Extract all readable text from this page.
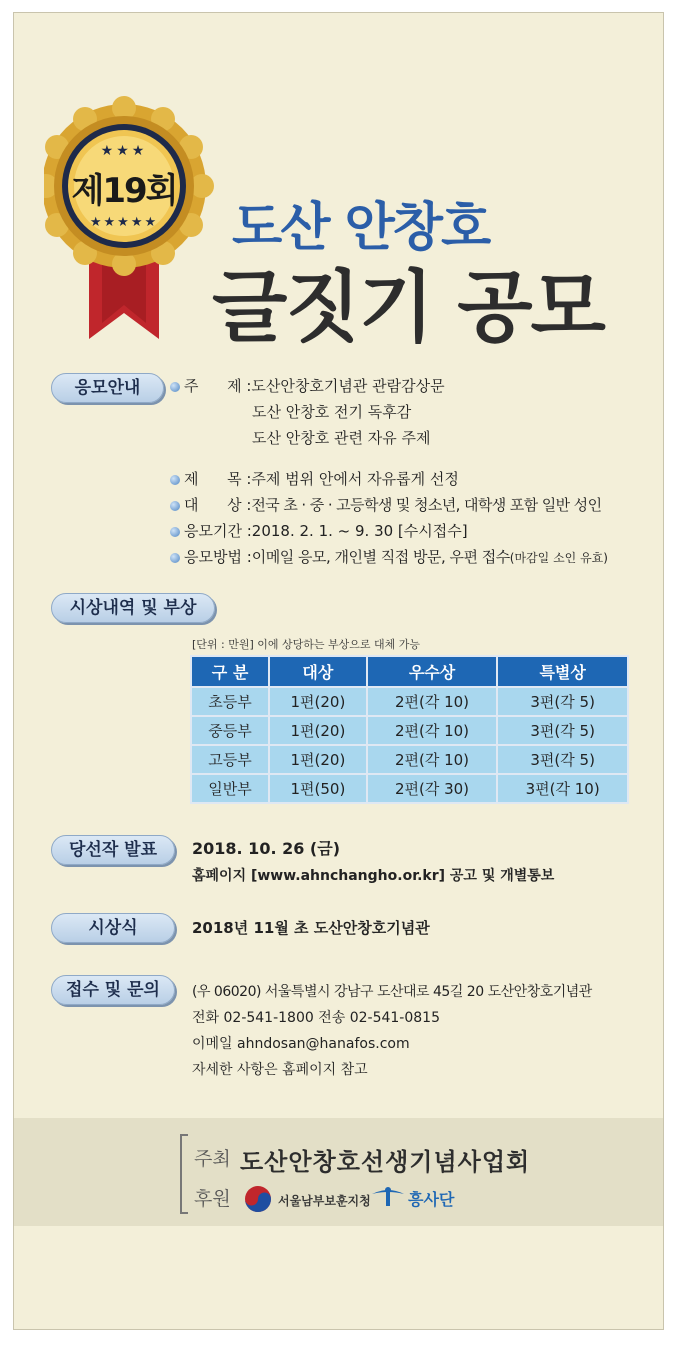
★★★
제19회
★★★★★	도산 안창호
글짓기 공모
응모안내	주      제 :도산안창호기념관 관람감상문
도산 안창호 전기 독후감
도산 안창호 관련 자유 주제
제      목 :주제 범위 안에서 자유롭게 선정
대      상 :전국 초 · 중 · 고등학생 및 청소년, 대학생 포함 일반 성인
응모기간 :2018. 2. 1. ~ 9. 30 [수시접수]
응모방법 :이메일 응모, 개인별 직접 방문, 우편 접수(마감일 소인 유효)
시상내역 및 부상
[단위 : 만원] 이에 상당하는 부상으로 대체 가능
구 분	대상	우수상	특별상
초등부	1편(20)	2편(각 10)	3편(각 5)
중등부	1편(20)	2편(각 10)	3편(각 5)
고등부	1편(20)	2편(각 10)	3편(각 5)
일반부	1편(50)	2편(각 30)	3편(각 10)
당선작 발표	2018. 10. 26 (금)
홈페이지 [www.ahnchangho.or.kr] 공고 및 개별통보
시상식	2018년 11월 초 도산안창호기념관
접수 및 문의	(우 06020) 서울특별시 강남구 도산대로 45길 20 도산안창호기념관
전화 02-541-1800 전송 02-541-0815
이메일 ahndosan@hanafos.com
자세한 사항은 홈페이지 참고
주최 도산안창호선생기념사업회
후원	서울남부보훈지청 흥사단
